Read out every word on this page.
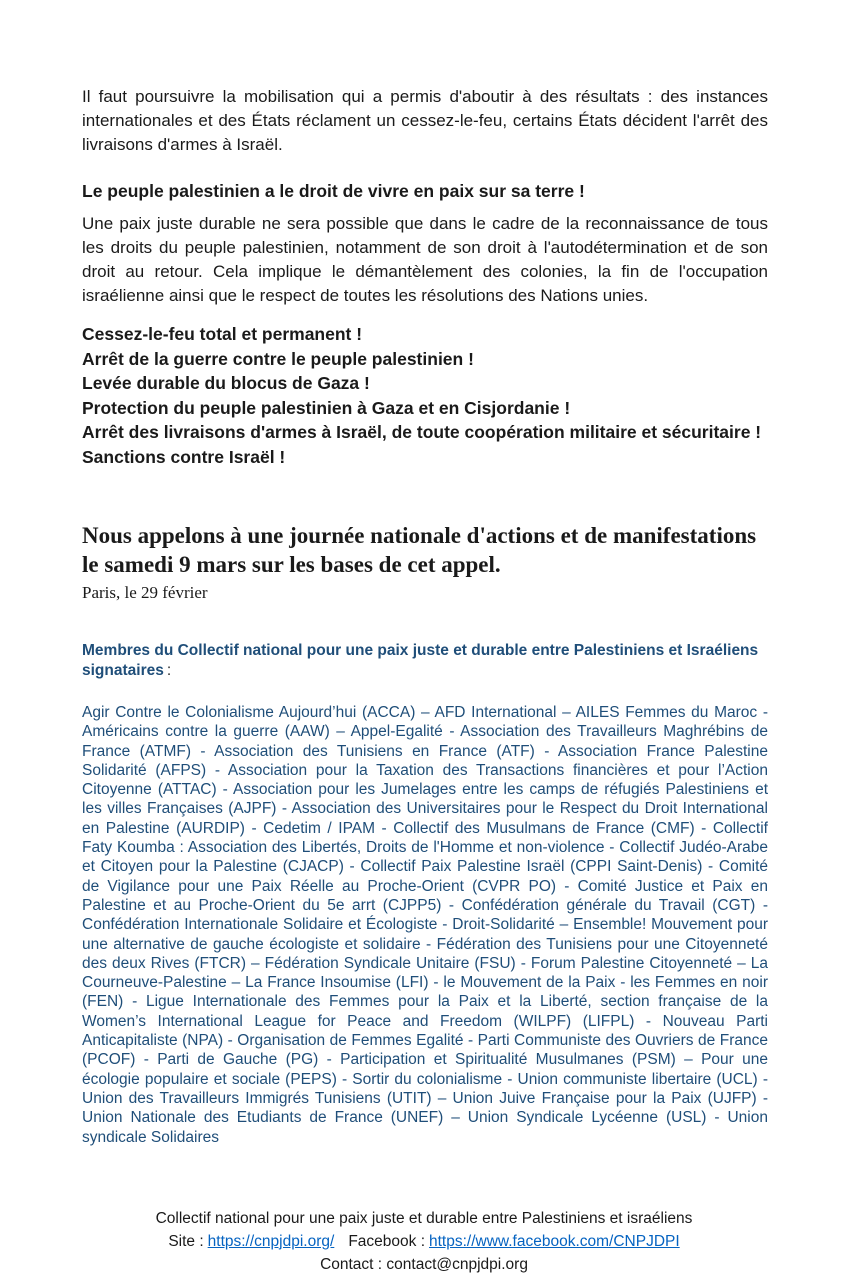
Il faut poursuivre la mobilisation qui a permis d'aboutir à des résultats : des instances internationales et des États réclament un cessez-le-feu, certains États décident l'arrêt des livraisons d'armes à Israël.

Le peuple palestinien a le droit de vivre en paix sur sa terre !

Une paix juste durable ne sera possible que dans le cadre de la reconnaissance de tous les droits du peuple palestinien, notamment de son droit à l'autodétermination et de son droit au retour. Cela implique le démantèlement des colonies, la fin de l'occupation israélienne ainsi que le respect de toutes les résolutions des Nations unies.

Cessez-le-feu total et permanent !
Arrêt de la guerre contre le peuple palestinien !
Levée durable du blocus de Gaza !
Protection du peuple palestinien à Gaza et en Cisjordanie !
Arrêt des livraisons d'armes à Israël, de toute coopération militaire et sécuritaire !
Sanctions contre Israël !
Nous appelons à une journée nationale d'actions et de manifestations le samedi 9 mars sur les bases de cet appel.

Paris, le 29 février

Membres du Collectif national pour une paix juste et durable entre Palestiniens et Israéliens signataires :

Agir Contre le Colonialisme Aujourd’hui (ACCA) – AFD International – AILES Femmes du Maroc - Américains contre la guerre (AAW) – Appel-Egalité - Association des Travailleurs Maghrébins de France (ATMF) - Association des Tunisiens en France (ATF) - Association France Palestine Solidarité (AFPS) - Association pour la Taxation des Transactions financières et pour l’Action Citoyenne (ATTAC) - Association pour les Jumelages entre les camps de réfugiés Palestiniens et les villes Françaises (AJPF) - Association des Universitaires pour le Respect du Droit International en Palestine (AURDIP) - Cedetim / IPAM - Collectif des Musulmans de France (CMF) - Collectif Faty Koumba : Association des Libertés, Droits de l'Homme et non-violence - Collectif Judéo-Arabe et Citoyen pour la Palestine (CJACP) - Collectif Paix Palestine Israël (CPPI Saint-Denis) - Comité de Vigilance pour une Paix Réelle au Proche-Orient (CVPR PO) - Comité Justice et Paix en Palestine et au Proche-Orient du 5e arrt (CJPP5) - Confédération générale du Travail (CGT) - Confédération Internationale Solidaire et Écologiste - Droit-Solidarité – Ensemble! Mouvement pour une alternative de gauche écologiste et solidaire - Fédération des Tunisiens pour une Citoyenneté des deux Rives (FTCR) – Fédération Syndicale Unitaire (FSU) - Forum Palestine Citoyenneté – La Courneuve-Palestine – La France Insoumise (LFI) - le Mouvement de la Paix - les Femmes en noir (FEN) - Ligue Internationale des Femmes pour la Paix et la Liberté, section française de la Women’s International League for Peace and Freedom (WILPF) (LIFPL) - Nouveau Parti Anticapitaliste (NPA) - Organisation de Femmes Egalité - Parti Communiste des Ouvriers de France (PCOF) - Parti de Gauche (PG) - Participation et Spiritualité Musulmanes (PSM) – Pour une écologie populaire et sociale (PEPS) - Sortir du colonialisme - Union communiste libertaire (UCL) - Union des Travailleurs Immigrés Tunisiens (UTIT) – Union Juive Française pour la Paix (UJFP) -Union Nationale des Etudiants de France (UNEF) – Union Syndicale Lycéenne (USL) - Union syndicale Solidaires

Collectif national pour une paix juste et durable entre Palestiniens et israéliens
Site : https://cnpjdpi.org/ Facebook : https://www.facebook.com/CNPJDPI
Contact : contact@cnpjdpi.org
